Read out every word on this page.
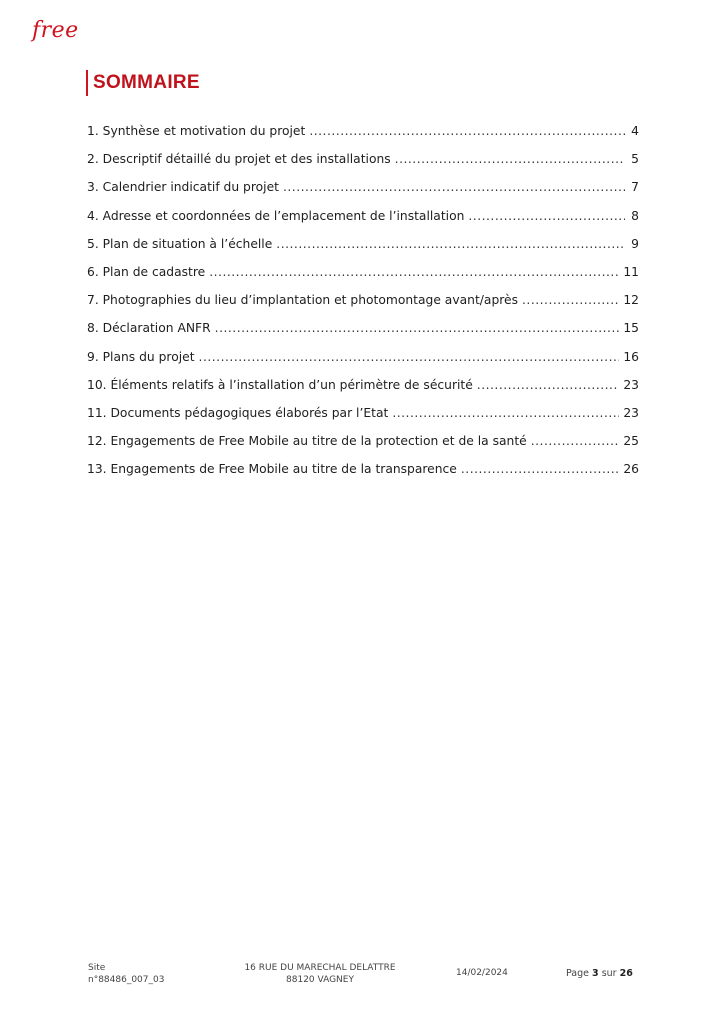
free
SOMMAIRE
1. Synthèse et motivation du projet .....	4
2. Descriptif détaillé du projet et des installations .....	5
3. Calendrier indicatif du projet .....	7
4. Adresse et coordonnées de l’emplacement de l’installation .....	8
5. Plan de situation à l’échelle .....	9
6. Plan de cadastre .....	11
7. Photographies du lieu d’implantation et photomontage avant/après .....	12
8. Déclaration ANFR .....	15
9. Plans du projet .....	16
10. Éléments relatifs à l’installation d’un périmètre de sécurité .....	23
11. Documents pédagogiques élaborés par l’Etat .....	23
12. Engagements de Free Mobile au titre de la protection et de la santé .....	25
13. Engagements de Free Mobile au titre de la transparence .....	26
Site
n°88486_007_03
16 RUE DU MARECHAL DELATTRE
88120 VAGNEY
14/02/2024	Page 3 sur 26
